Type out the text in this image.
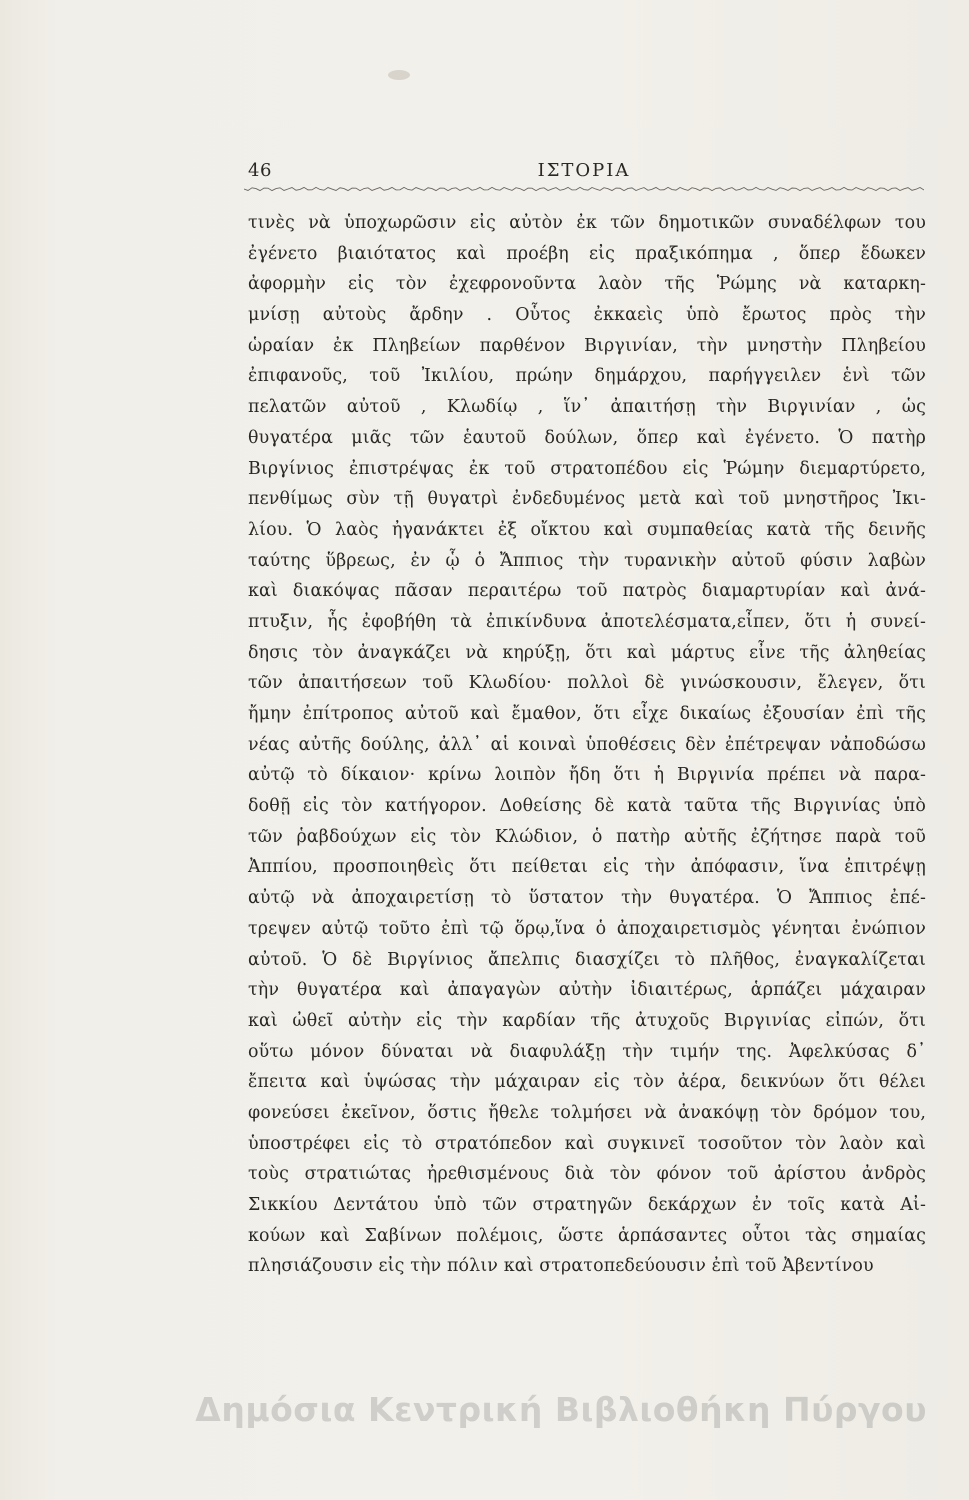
46	ΙΣΤΟΡΙΑ
τινὲς νὰ ὑποχωρῶσιν εἰς αὐτὸν ἐκ τῶν δημοτικῶν συναδέλφων του
ἐγένετο βιαιότατος καὶ προέβη εἰς πραξικόπημα , ὅπερ ἔδωκεν
ἀφορμὴν εἰς τὸν ἐχεφρονοῦντα λαὸν τῆς Ῥώμης νὰ καταρκη-
μνίσῃ αὐτοὺς ἄρδην . Οὗτος ἐκκαεὶς ὑπὸ ἔρωτος πρὸς τὴν
ὡραίαν ἐκ Πληβείων παρθένον Βιργινίαν, τὴν μνηστὴν Πληβείου
ἐπιφανοῦς, τοῦ Ἰκιλίου, πρώην δημάρχου, παρήγγειλεν ἑνὶ τῶν
πελατῶν αὐτοῦ , Κλωδίῳ , ἵν᾽ ἀπαιτήσῃ τὴν Βιργινίαν , ὡς
θυγατέρα μιᾶς τῶν ἑαυτοῦ δούλων, ὅπερ καὶ ἐγένετο. Ὁ πατὴρ
Βιργίνιος ἐπιστρέψας ἐκ τοῦ στρατοπέδου εἰς Ῥώμην διεμαρτύρετο,
πενθίμως σὺν τῇ θυγατρὶ ἐνδεδυμένος μετὰ καὶ τοῦ μνηστῆρος Ἰκι-
λίου. Ὁ λαὸς ἠγανάκτει ἐξ οἴκτου καὶ συμπαθείας κατὰ τῆς δεινῆς
ταύτης ὕβρεως, ἐν ᾧ ὁ Ἄππιος τὴν τυρανικὴν αὐτοῦ φύσιν λαβὼν
καὶ διακόψας πᾶσαν περαιτέρω τοῦ πατρὸς διαμαρτυρίαν καὶ ἀνά-
πτυξιν, ἧς ἐφοβήθη τὰ ἐπικίνδυνα ἀποτελέσματα,εἶπεν, ὅτι ἡ συνεί-
δησις τὸν ἀναγκάζει νὰ κηρύξῃ, ὅτι καὶ μάρτυς εἶνε τῆς ἀληθείας
τῶν ἀπαιτήσεων τοῦ Κλωδίου· πολλοὶ δὲ γινώσκουσιν, ἔλεγεν, ὅτι
ἤμην ἐπίτροπος αὐτοῦ καὶ ἔμαθον, ὅτι εἶχε δικαίως ἐξουσίαν ἐπὶ τῆς
νέας αὐτῆς δούλης, ἀλλ᾽ αἱ κοιναὶ ὑποθέσεις δὲν ἐπέτρεψαν νἀποδώσω
αὐτῷ τὸ δίκαιον· κρίνω λοιπὸν ἤδη ὅτι ἡ Βιργινία πρέπει νὰ παρα-
δοθῇ εἰς τὸν κατήγορον. Δοθείσης δὲ κατὰ ταῦτα τῆς Βιργινίας ὑπὸ
τῶν ῥαβδούχων εἰς τὸν Κλώδιον, ὁ πατὴρ αὐτῆς ἐζήτησε παρὰ τοῦ
Ἀππίου, προσποιηθεὶς ὅτι πείθεται εἰς τὴν ἀπόφασιν, ἵνα ἐπιτρέψῃ
αὐτῷ νὰ ἀποχαιρετίσῃ τὸ ὕστατον τὴν θυγατέρα. Ὁ Ἄππιος ἐπέ-
τρεψεν αὐτῷ τοῦτο ἐπὶ τῷ ὅρῳ,ἵνα ὁ ἀποχαιρετισμὸς γένηται ἐνώπιον
αὐτοῦ. Ὁ δὲ Βιργίνιος ἄπελπις διασχίζει τὸ πλῆθος, ἐναγκαλίζεται
τὴν θυγατέρα καὶ ἀπαγαγὼν αὐτὴν ἰδιαιτέρως, ἁρπάζει μάχαιραν
καὶ ὠθεῖ αὐτὴν εἰς τὴν καρδίαν τῆς ἀτυχοῦς Βιργινίας εἰπών, ὅτι
οὕτω μόνον δύναται νὰ διαφυλάξῃ τὴν τιμήν της. Ἀφελκύσας δ᾽
ἔπειτα καὶ ὑψώσας τὴν μάχαιραν εἰς τὸν ἀέρα, δεικνύων ὅτι θέλει
φονεύσει ἐκεῖνον, ὅστις ἤθελε τολμήσει νὰ ἀνακόψῃ τὸν δρόμον του,
ὑποστρέφει εἰς τὸ στρατόπεδον καὶ συγκινεῖ τοσοῦτον τὸν λαὸν καὶ
τοὺς στρατιώτας ἠρεθισμένους διὰ τὸν φόνον τοῦ ἀρίστου ἀνδρὸς
Σικκίου Δεντάτου ὑπὸ τῶν στρατηγῶν δεκάρχων ἐν τοῖς κατὰ Αἰ-
κούων καὶ Σαβίνων πολέμοις, ὥστε ἁρπάσαντες οὗτοι τὰς σημαίας
πλησιάζουσιν εἰς τὴν πόλιν καὶ στρατοπεδεύουσιν ἐπὶ τοῦ Ἀβεντίνου
Δημόσια Κεντρική Βιβλιοθήκη Πύργου
